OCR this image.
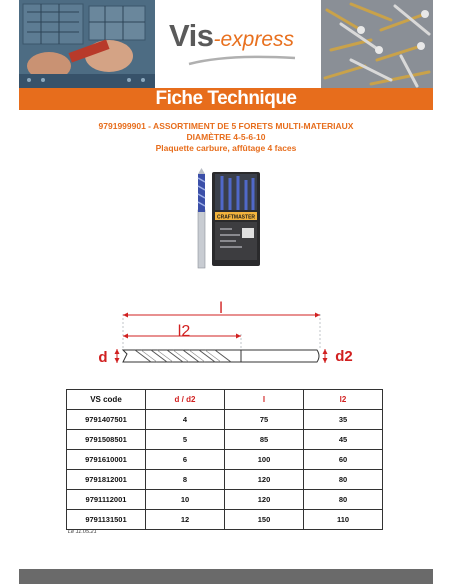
Vis-express
Fiche Technique
9791999901 - ASSORTIMENT DE 5 FORETS MULTI-MATERIAUX
DIAMÈTRE 4-5-6-10
Plaquette carbure, affûtage 4 faces
CRAFTMASTER
l
l2
d	d2
VS code	d / d2	l	l2
9791407501	4	75	35
9791508501	5	85	45
9791610001	6	100	60
9791812001	8	120	80
9791112001	10	120	80
9791131501	12	150	110
Le 11.05.21
